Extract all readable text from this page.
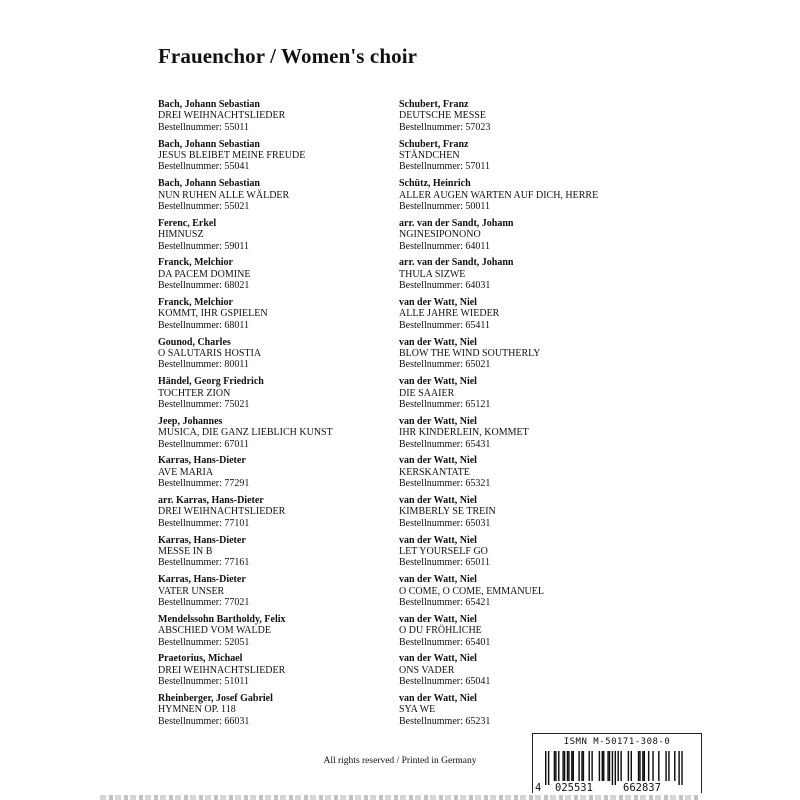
Frauenchor / Women's choir
Bach, Johann Sebastian
DREI WEIHNACHTSLIEDER
Bestellnummer: 55011
Bach, Johann Sebastian
JESUS BLEIBET MEINE FREUDE
Bestellnummer: 55041
Bach, Johann Sebastian
NUN RUHEN ALLE WÄLDER
Bestellnummer: 55021
Ferenc, Erkel
HIMNUSZ
Bestellnummer: 59011
Franck, Melchior
DA PACEM DOMINE
Bestellnummer: 68021
Franck, Melchior
KOMMT, IHR GSPIELEN
Bestellnummer: 68011
Gounod, Charles
O SALUTARIS HOSTIA
Bestellnummer: 80011
Händel, Georg Friedrich
TOCHTER ZION
Bestellnummer: 75021
Jeep, Johannes
MUSICA, DIE GANZ LIEBLICH KUNST
Bestellnummer: 67011
Karras, Hans-Dieter
AVE MARIA
Bestellnummer: 77291
arr. Karras, Hans-Dieter
DREI WEIHNACHTSLIEDER
Bestellnummer: 77101
Karras, Hans-Dieter
MESSE IN B
Bestellnummer: 77161
Karras, Hans-Dieter
VATER UNSER
Bestellnummer: 77021
Mendelssohn Bartholdy, Felix
ABSCHIED VOM WALDE
Bestellnummer: 52051
Praetorius, Michael
DREI WEIHNACHTSLIEDER
Bestellnummer: 51011
Rheinberger, Josef Gabriel
HYMNEN OP. 118
Bestellnummer: 66031
Schubert, Franz
DEUTSCHE MESSE
Bestellnummer: 57023
Schubert, Franz
STÄNDCHEN
Bestellnummer: 57011
Schütz, Heinrich
ALLER AUGEN WARTEN AUF DICH, HERRE
Bestellnummer: 50011
arr. van der Sandt, Johann
NGINESIPONONO
Bestellnummer: 64011
arr. van der Sandt, Johann
THULA SIZWE
Bestellnummer: 64031
van der Watt, Niel
ALLE JAHRE WIEDER
Bestellnummer: 65411
van der Watt, Niel
BLOW THE WIND SOUTHERLY
Bestellnummer: 65021
van der Watt, Niel
DIE SAAIER
Bestellnummer: 65121
van der Watt, Niel
IHR KINDERLEIN, KOMMET
Bestellnummer: 65431
van der Watt, Niel
KERSKANTATE
Bestellnummer: 65321
van der Watt, Niel
KIMBERLY SE TREIN
Bestellnummer: 65031
van der Watt, Niel
LET YOURSELF GO
Bestellnummer: 65011
van der Watt, Niel
O COME, O COME, EMMANUEL
Bestellnummer: 65421
van der Watt, Niel
O DU FRÖHLICHE
Bestellnummer: 65401
van der Watt, Niel
ONS VADER
Bestellnummer: 65041
van der Watt, Niel
SYA WE
Bestellnummer: 65231
All rights reserved / Printed in Germany
ISMN M-50171-308-0
4 025531	662837
